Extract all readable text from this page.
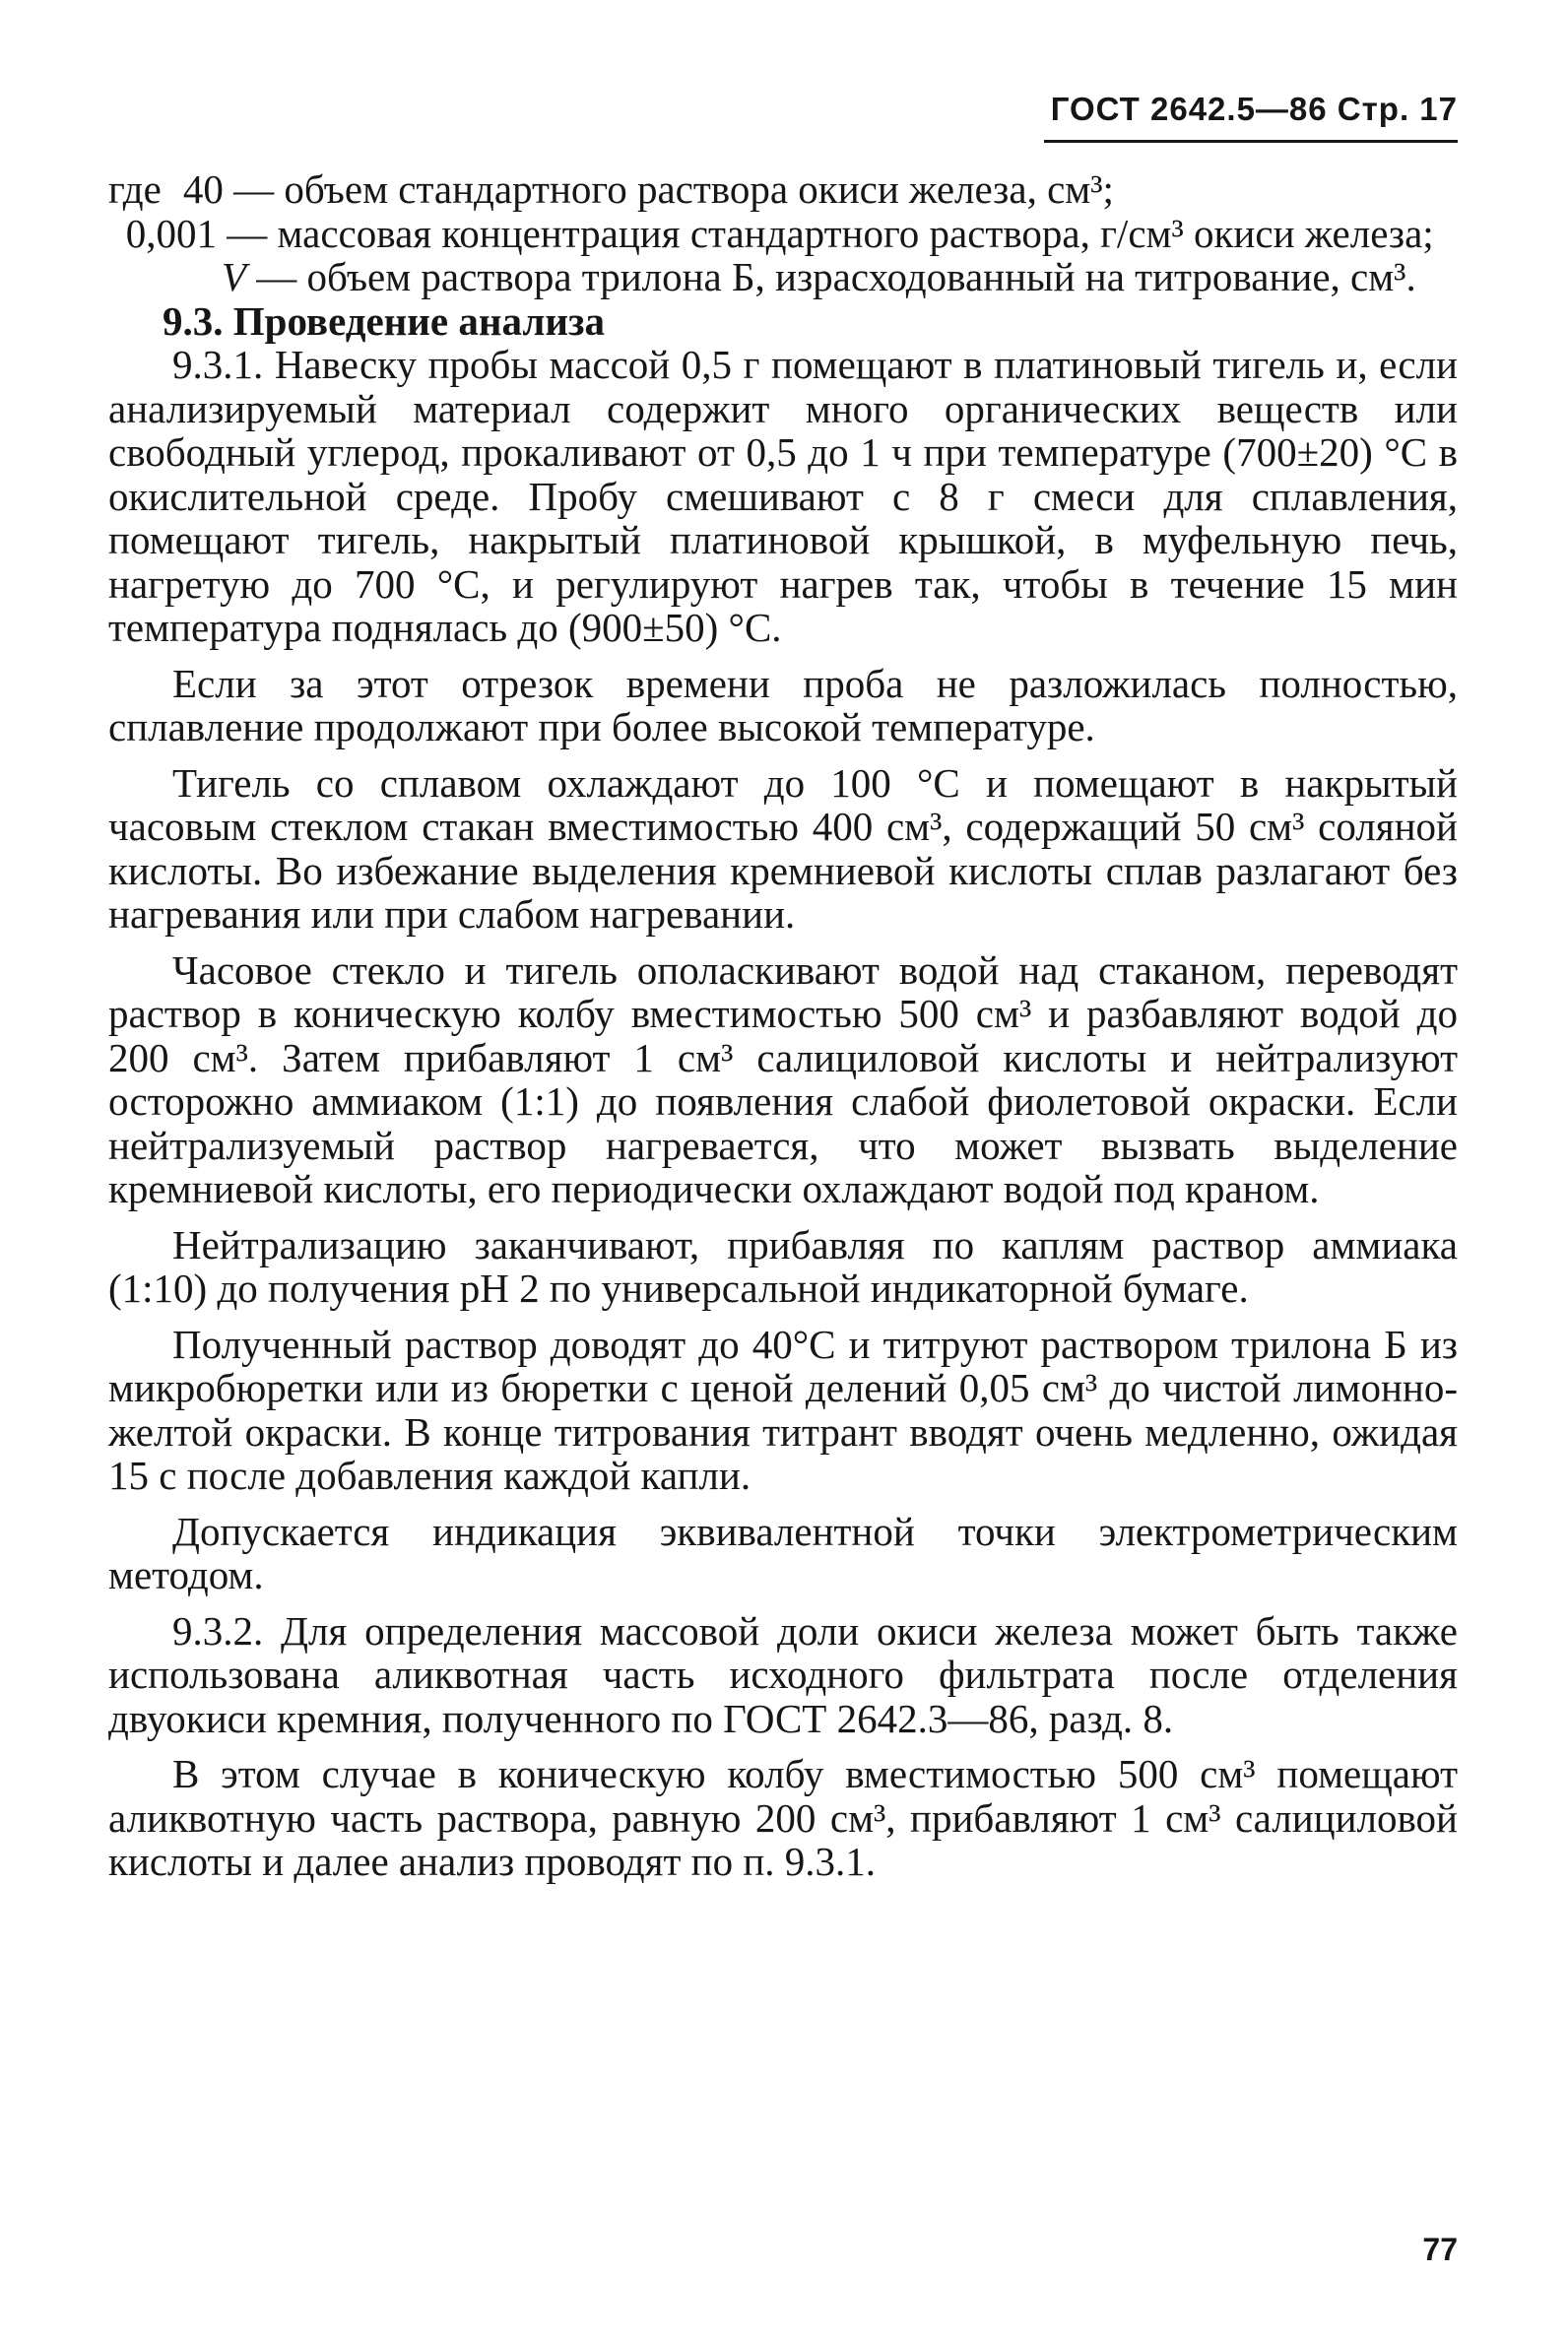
ГОСТ 2642.5—86 Стр. 17
где 40 — объем стандартного раствора окиси железа, см³;
0,001 — массовая концентрация стандартного раствора, г/см³ окиси железа;
V — объем раствора трилона Б, израсходованный на титрование, см³.

9.3. Проведение анализа

9.3.1. Навеску пробы массой 0,5 г помещают в платиновый тигель и, если анализируемый материал содержит много органических веществ или свободный углерод, прокаливают от 0,5 до 1 ч при температуре (700±20) °С в окислительной среде. Пробу смешивают с 8 г смеси для сплавления, помещают тигель, накрытый платиновой крышкой, в муфельную печь, нагретую до 700 °С, и регулируют нагрев так, чтобы в течение 15 мин температура поднялась до (900±50) °С.

Если за этот отрезок времени проба не разложилась полностью, сплавление продолжают при более высокой температуре.

Тигель со сплавом охлаждают до 100 °С и помещают в накрытый часовым стеклом стакан вместимостью 400 см³, содержащий 50 см³ соляной кислоты. Во избежание выделения кремниевой кислоты сплав разлагают без нагревания или при слабом нагревании.

Часовое стекло и тигель ополаскивают водой над стаканом, переводят раствор в коническую колбу вместимостью 500 см³ и разбавляют водой до 200 см³. Затем прибавляют 1 см³ салициловой кислоты и нейтрализуют осторожно аммиаком (1:1) до появления слабой фиолетовой окраски. Если нейтрализуемый раствор нагревается, что может вызвать выделение кремниевой кислоты, его периодически охлаждают водой под краном.

Нейтрализацию заканчивают, прибавляя по каплям раствор аммиака (1:10) до получения рН 2 по универсальной индикаторной бумаге.

Полученный раствор доводят до 40°С и титруют раствором трилона Б из микробюретки или из бюретки с ценой делений 0,05 см³ до чистой лимонно-желтой окраски. В конце титрования титрант вводят очень медленно, ожидая 15 с после добавления каждой капли.

Допускается индикация эквивалентной точки электрометрическим методом.

9.3.2. Для определения массовой доли окиси железа может быть также использована аликвотная часть исходного фильтрата после отделения двуокиси кремния, полученного по ГОСТ 2642.3—86, разд. 8.

В этом случае в коническую колбу вместимостью 500 см³ помещают аликвотную часть раствора, равную 200 см³, прибавляют 1 см³ салициловой кислоты и далее анализ проводят по п. 9.3.1.

77
